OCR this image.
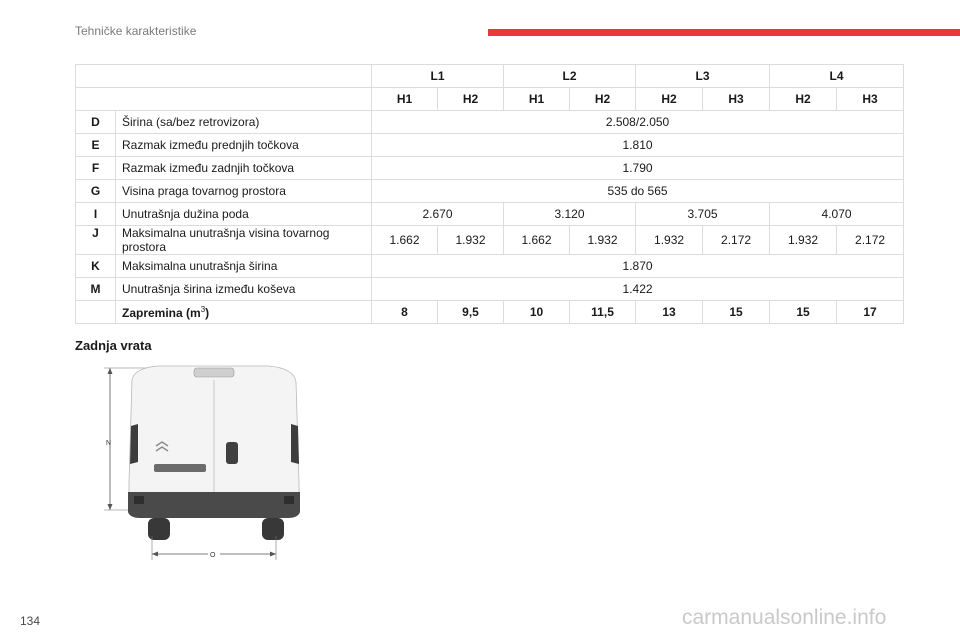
Tehničke karakteristike
		L1		L2		L3		L4	
		H1	H2	H1	H2	H2	H3	H2	H3
D	Širina (sa/bez retrovizora)	2.508/2.050							
E	Razmak između prednjih točkova	1.810							
F	Razmak između zadnjih točkova	1.790							
G	Visina praga tovarnog prostora	535 do 565							
I	Unutrašnja dužina poda	2.670		3.120		3.705		4.070	
J	Maksimalna unutrašnja visina tovarnog
prostora	1.662	1.932	1.662	1.932	1.932	2.172	1.932	2.172
K	Maksimalna unutrašnja širina	1.870							
M	Unutrašnja širina između koševa	1.422							
	Zapremina $(m^3)$	8	9,5	10	11,5	13	15	15	17
Zadnja vrata
N
O
134	carmanualsonline.info
